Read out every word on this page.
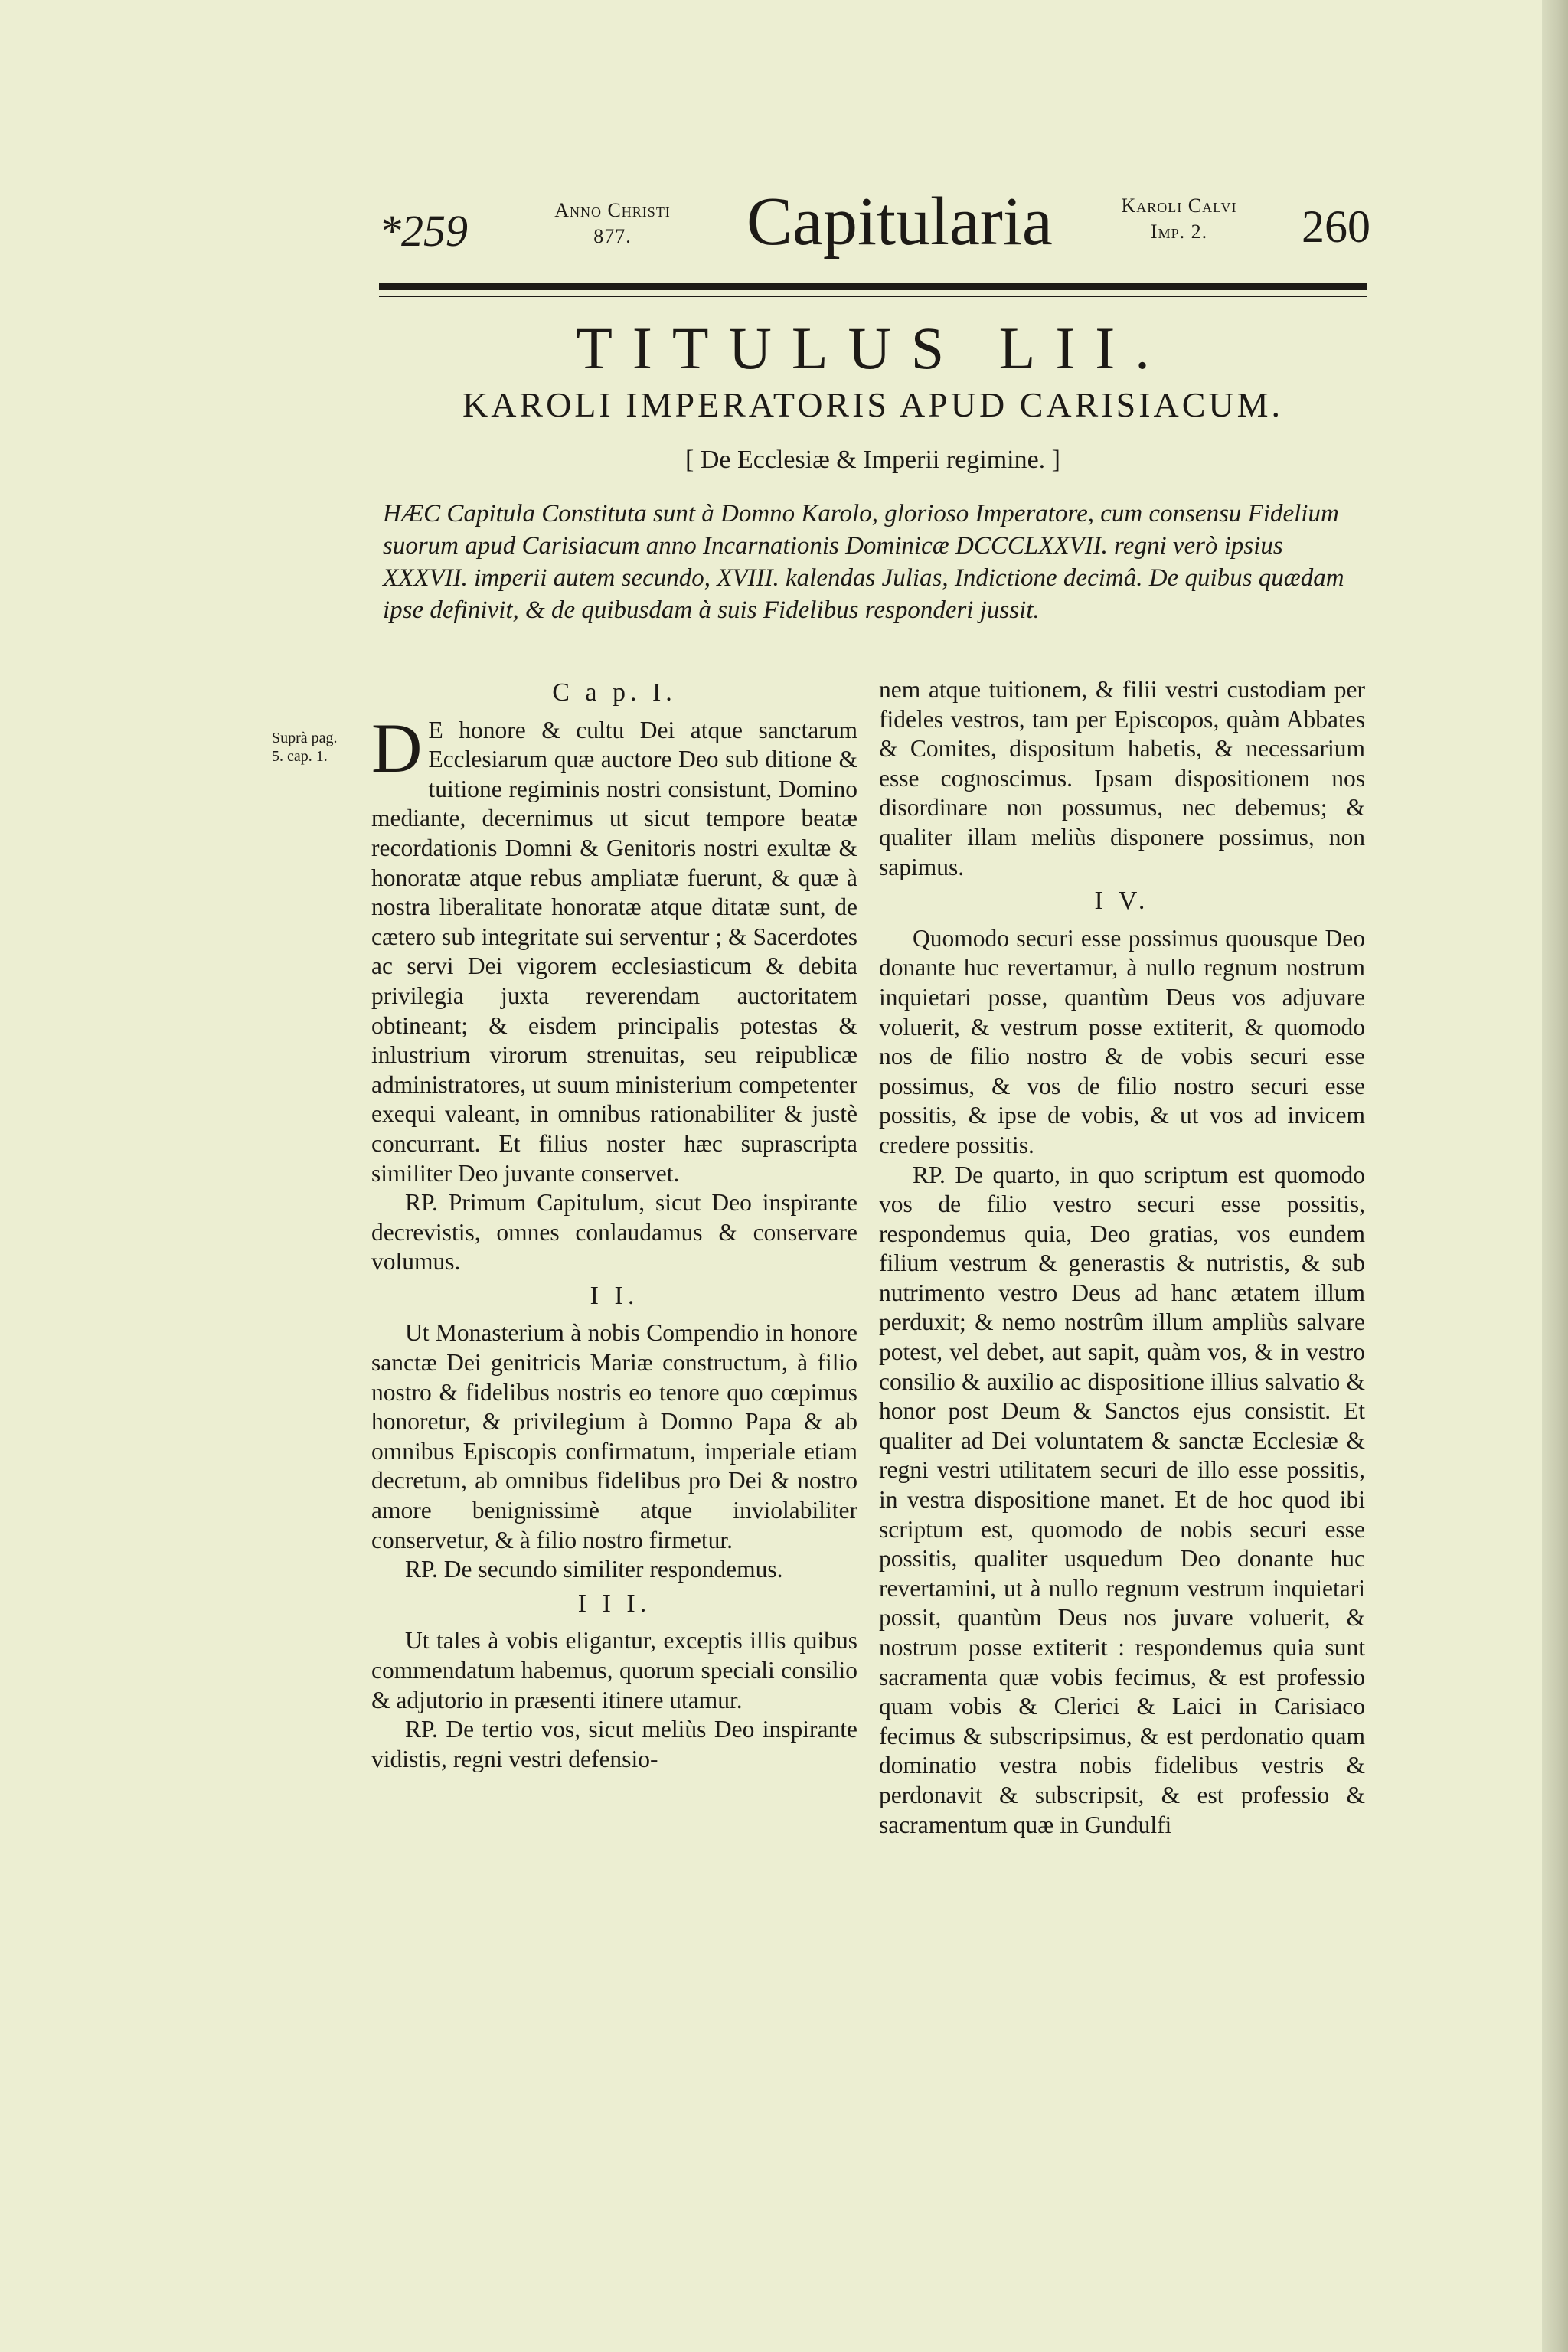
*259	Anno Christi
877.	Capitularia	Karoli Calvi
Imp. 2.	260
TITULUS LII.
KAROLI IMPERATORIS APUD CARISIACUM.
[ De Ecclesiæ & Imperii regimine. ]
HÆC Capitula Constituta sunt à Domno Karolo, glorioso Imperatore, cum consensu Fidelium suorum apud Carisiacum anno Incarnationis Dominicæ DCCCLXXVII. regni verò ipsius XXXVII. imperii autem secundo, XVIII. kalendas Julias, Indictione decimâ. De quibus quædam ipse definivit, & de quibusdam à suis Fidelibus responderi jussit.
Suprà pag.
5. cap. 1.

C a p. I.

DE honore & cultu Dei atque sanctarum Ecclesiarum quæ auctore Deo sub ditione & tuitione regiminis nostri consistunt, Domino mediante, decernimus ut sicut tempore beatæ recordationis Domni & Genitoris nostri exultæ & honoratæ atque rebus ampliatæ fuerunt, & quæ à nostra liberalitate honoratæ atque ditatæ sunt, de cætero sub integritate sui serventur ; & Sacerdotes ac servi Dei vigorem ecclesiasticum & debita privilegia juxta reverendam auctoritatem obtineant; & eisdem principalis potestas & inlustrium virorum strenuitas, seu reipublicæ administratores, ut suum ministerium competenter exequi valeant, in omnibus rationabiliter & justè concurrant. Et filius noster hæc suprascripta similiter Deo juvante conservet.

RP. Primum Capitulum, sicut Deo inspirante decrevistis, omnes conlaudamus & conservare volumus.

I I.

Ut Monasterium à nobis Compendio in honore sanctæ Dei genitricis Mariæ constructum, à filio nostro & fidelibus nostris eo tenore quo cœpimus honoretur, & privilegium à Domno Papa & ab omnibus Episcopis confirmatum, imperiale etiam decretum, ab omnibus fidelibus pro Dei & nostro amore benignissimè atque inviolabiliter conservetur, & à filio nostro firmetur.

RP. De secundo similiter respondemus.

I I I.

Ut tales à vobis eligantur, exceptis illis quibus commendatum habemus, quorum speciali consilio & adjutorio in præsenti itinere utamur.

RP. De tertio vos, sicut meliùs Deo inspirante vidistis, regni vestri defensio-

nem atque tuitionem, & filii vestri custodiam per fideles vestros, tam per Episcopos, quàm Abbates & Comites, dispositum habetis, & necessarium esse cognoscimus. Ipsam dispositionem nos disordinare non possumus, nec debemus; & qualiter illam meliùs disponere possimus, non sapimus.

I V.

Quomodo securi esse possimus quousque Deo donante huc revertamur, à nullo regnum nostrum inquietari posse, quantùm Deus vos adjuvare voluerit, & vestrum posse extiterit, & quomodo nos de filio nostro & de vobis securi esse possimus, & vos de filio nostro securi esse possitis, & ipse de vobis, & ut vos ad invicem credere possitis.

RP. De quarto, in quo scriptum est quomodo vos de filio vestro securi esse possitis, respondemus quia, Deo gratias, vos eundem filium vestrum & generastis & nutristis, & sub nutrimento vestro Deus ad hanc ætatem illum perduxit; & nemo nostrûm illum ampliùs salvare potest, vel debet, aut sapit, quàm vos, & in vestro consilio & auxilio ac dispositione illius salvatio & honor post Deum & Sanctos ejus consistit. Et qualiter ad Dei voluntatem & sanctæ Ecclesiæ & regni vestri utilitatem securi de illo esse possitis, in vestra dispositione manet. Et de hoc quod ibi scriptum est, quomodo de nobis securi esse possitis, qualiter usquedum Deo donante huc revertamini, ut à nullo regnum vestrum inquietari possit, quantùm Deus nos juvare voluerit, & nostrum posse extiterit : respondemus quia sunt sacramenta quæ vobis fecimus, & est professio quam vobis & Clerici & Laici in Carisiaco fecimus & subscripsimus, & est perdonatio quam dominatio vestra nobis fidelibus vestris & perdonavit & subscripsit, & est professio & sacramentum quæ in Gundulfi
